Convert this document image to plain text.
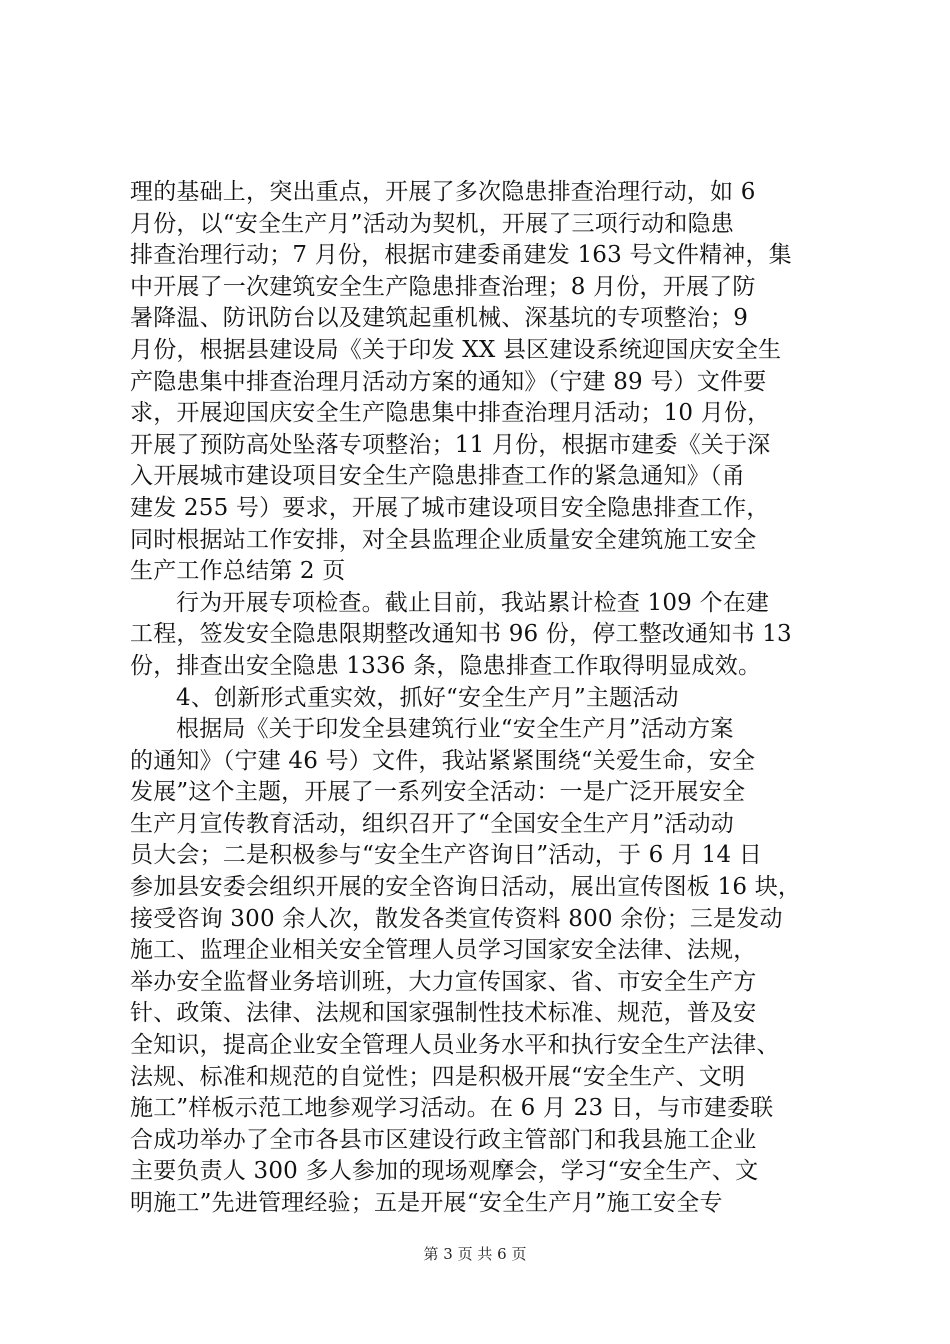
理的基础上，突出重点，开展了多次隐患排查治理行动，如 6
月份，以“安全生产月”活动为契机，开展了三项行动和隐患
排查治理行动；7 月份，根据市建委甬建发 163 号文件精神，集
中开展了一次建筑安全生产隐患排查治理；8 月份，开展了防
暑降温、防讯防台以及建筑起重机械、深基坑的专项整治；9
月份，根据县建设局《关于印发 XX 县区建设系统迎国庆安全生
产隐患集中排查治理月活动方案的通知》（宁建 89 号）文件要
求，开展迎国庆安全生产隐患集中排查治理月活动；10 月份，
开展了预防高处坠落专项整治；11 月份，根据市建委《关于深
入开展城市建设项目安全生产隐患排查工作的紧急通知》（甬
建发 255 号）要求，开展了城市建设项目安全隐患排查工作，
同时根据站工作安排，对全县监理企业质量安全建筑施工安全
生产工作总结第 2 页
行为开展专项检查。截止目前，我站累计检查 109 个在建
工程，签发安全隐患限期整改通知书 96 份，停工整改通知书 13
份，排查出安全隐患 1336 条，隐患排查工作取得明显成效。
4、创新形式重实效，抓好“安全生产月”主题活动
根据局《关于印发全县建筑行业“安全生产月”活动方案
的通知》（宁建 46 号）文件，我站紧紧围绕“关爱生命，安全
发展”这个主题，开展了一系列安全活动：一是广泛开展安全
生产月宣传教育活动，组织召开了“全国安全生产月”活动动
员大会；二是积极参与“安全生产咨询日”活动，于 6 月 14 日
参加县安委会组织开展的安全咨询日活动，展出宣传图板 16 块，
接受咨询 300 余人次，散发各类宣传资料 800 余份；三是发动
施工、监理企业相关安全管理人员学习国家安全法律、法规，
举办安全监督业务培训班，大力宣传国家、省、市安全生产方
针、政策、法律、法规和国家强制性技术标准、规范，普及安
全知识，提高企业安全管理人员业务水平和执行安全生产法律、
法规、标准和规范的自觉性；四是积极开展“安全生产、文明
施工”样板示范工地参观学习活动。在 6 月 23 日，与市建委联
合成功举办了全市各县市区建设行政主管部门和我县施工企业
主要负责人 300 多人参加的现场观摩会，学习“安全生产、文
明施工”先进管理经验；五是开展“安全生产月”施工安全专
第 3 页 共 6 页
